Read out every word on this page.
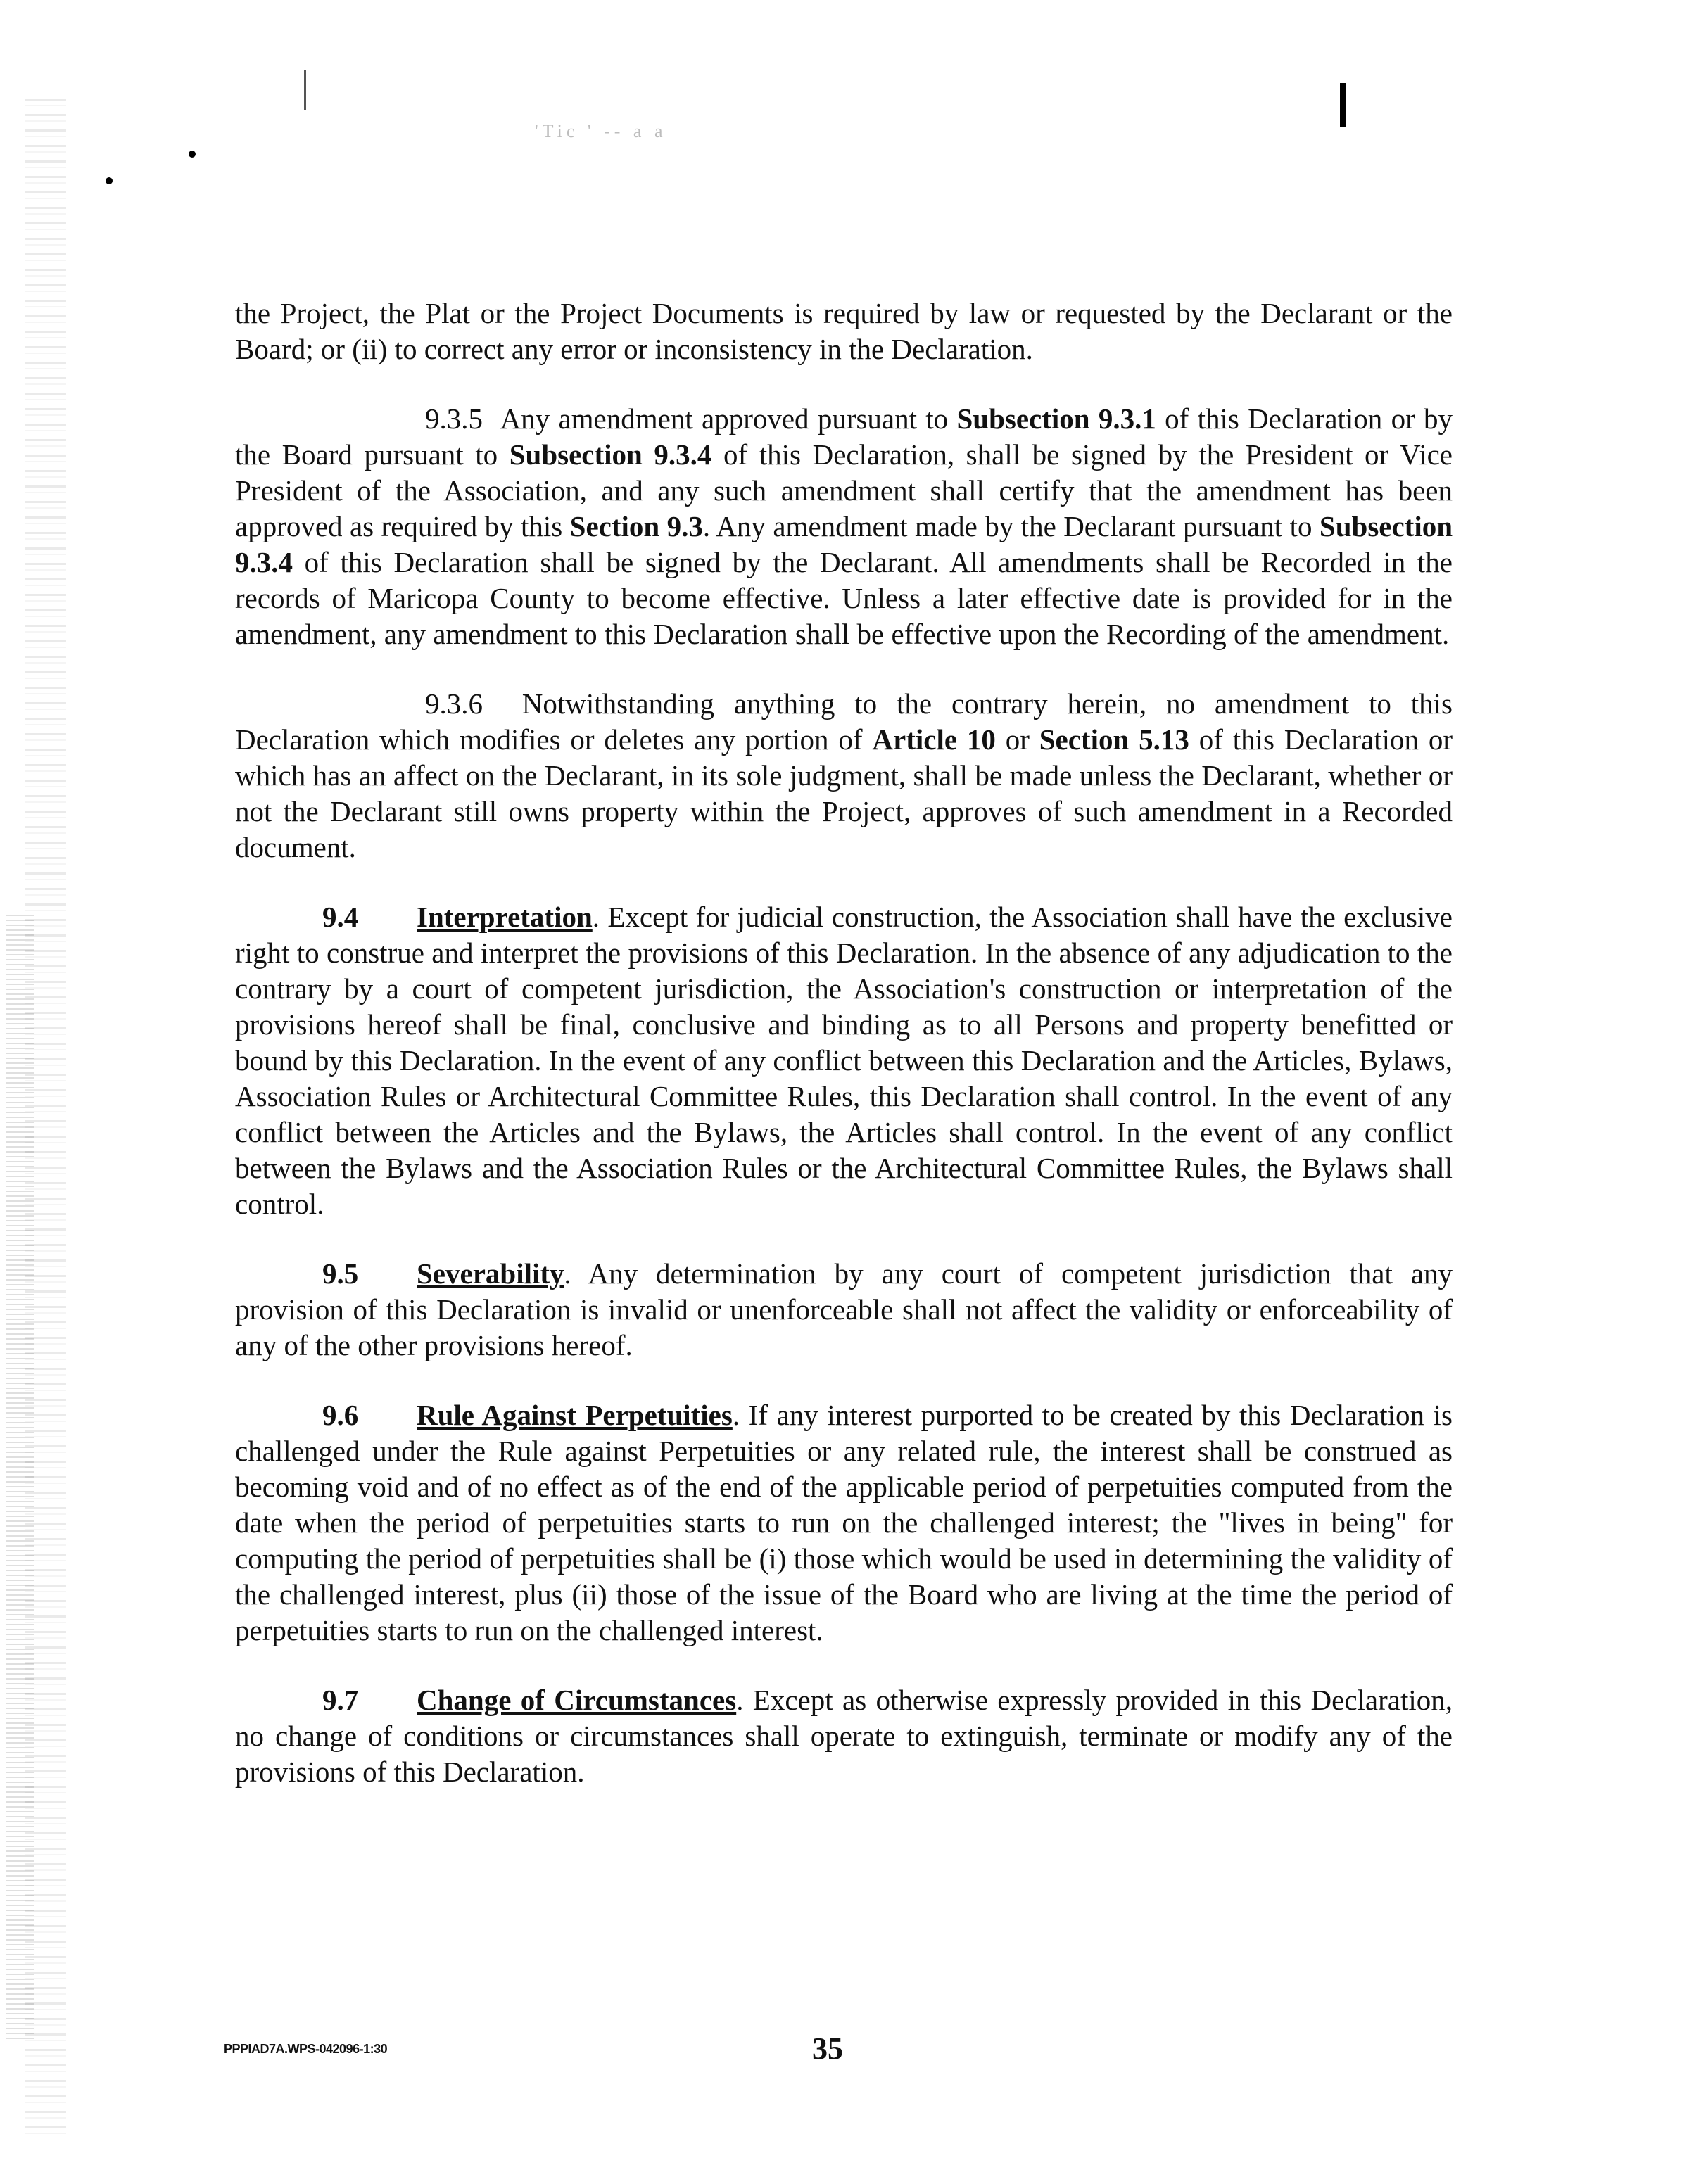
'Tic ' -- a a

the Project, the Plat or the Project Documents is required by law or requested by the Declarant or the Board; or (ii) to correct any error or inconsistency in the Declaration.

9.3.5 Any amendment approved pursuant to Subsection 9.3.1 of this Declaration or by the Board pursuant to Subsection 9.3.4 of this Declaration, shall be signed by the President or Vice President of the Association, and any such amendment shall certify that the amendment has been approved as required by this Section 9.3. Any amendment made by the Declarant pursuant to Subsection 9.3.4 of this Declaration shall be signed by the Declarant. All amendments shall be Recorded in the records of Maricopa County to become effective. Unless a later effective date is provided for in the amendment, any amendment to this Declaration shall be effective upon the Recording of the amendment.

9.3.6 Notwithstanding anything to the contrary herein, no amendment to this Declaration which modifies or deletes any portion of Article 10 or Section 5.13 of this Declaration or which has an affect on the Declarant, in its sole judgment, shall be made unless the Declarant, whether or not the Declarant still owns property within the Project, approves of such amendment in a Recorded document.

9.4 Interpretation. Except for judicial construction, the Association shall have the exclusive right to construe and interpret the provisions of this Declaration. In the absence of any adjudication to the contrary by a court of competent jurisdiction, the Association's construction or interpretation of the provisions hereof shall be final, conclusive and binding as to all Persons and property benefitted or bound by this Declaration. In the event of any conflict between this Declaration and the Articles, Bylaws, Association Rules or Architectural Committee Rules, this Declaration shall control. In the event of any conflict between the Articles and the Bylaws, the Articles shall control. In the event of any conflict between the Bylaws and the Association Rules or the Architectural Committee Rules, the Bylaws shall control.

9.5 Severability. Any determination by any court of competent jurisdiction that any provision of this Declaration is invalid or unenforceable shall not affect the validity or enforceability of any of the other provisions hereof.

9.6 Rule Against Perpetuities. If any interest purported to be created by this Declaration is challenged under the Rule against Perpetuities or any related rule, the interest shall be construed as becoming void and of no effect as of the end of the applicable period of perpetuities computed from the date when the period of perpetuities starts to run on the challenged interest; the "lives in being" for computing the period of perpetuities shall be (i) those which would be used in determining the validity of the challenged interest, plus (ii) those of the issue of the Board who are living at the time the period of perpetuities starts to run on the challenged interest.

9.7 Change of Circumstances. Except as otherwise expressly provided in this Declaration, no change of conditions or circumstances shall operate to extinguish, terminate or modify any of the provisions of this Declaration.

PPPIAD7A.WPS-042096-1:30	35
